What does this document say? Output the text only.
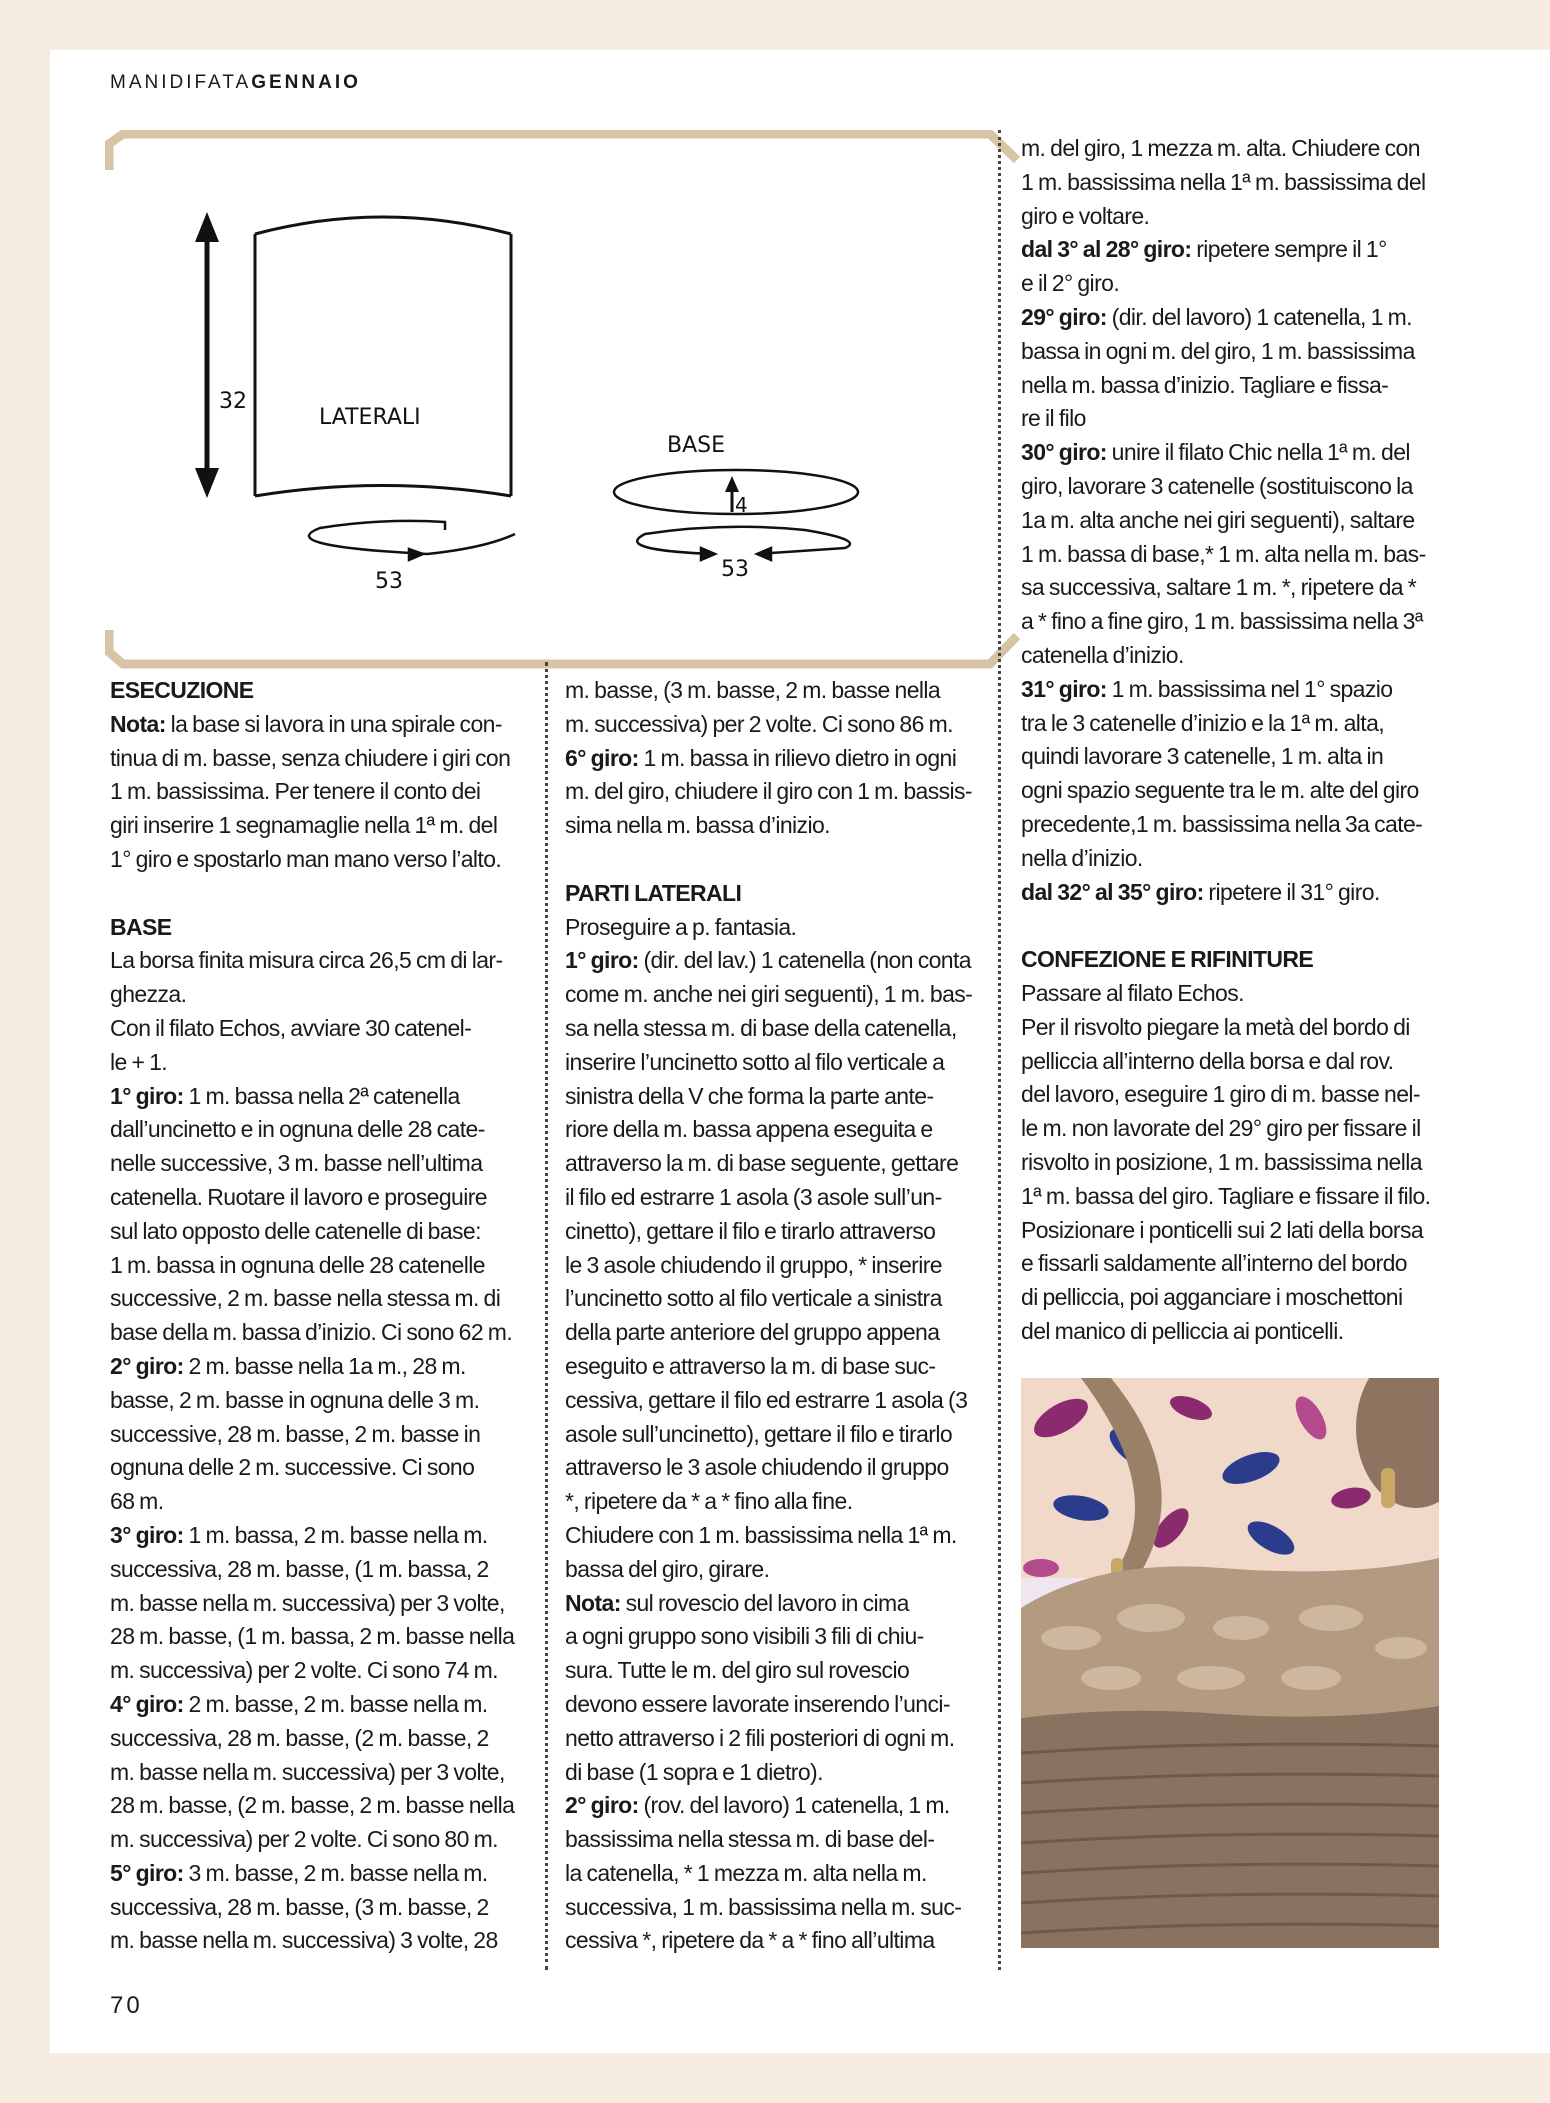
MANIDIFATAGENNAIO
32
LATERALI
53
BASE
4
53

ESECUZIONE

Nota: la base si lavora in una spirale con-

tinua di m. basse, senza chiudere i giri con

1 m. bassissima. Per tenere il conto dei

giri inserire 1 segnamaglie nella 1ª m. del

1° giro e spostarlo man mano verso l’alto.

BASE

La borsa finita misura circa 26,5 cm di lar-

ghezza.

Con il filato Echos, avviare 30 catenel-

le + 1.

1° giro: 1 m. bassa nella 2ª catenella

dall’uncinetto e in ognuna delle 28 cate-

nelle successive, 3 m. basse nell’ultima

catenella. Ruotare il lavoro e proseguire

sul lato opposto delle catenelle di base:

1 m. bassa in ognuna delle 28 catenelle

successive, 2 m. basse nella stessa m. di

base della m. bassa d’inizio. Ci sono 62 m.

2° giro: 2 m. basse nella 1a m., 28 m.

basse, 2 m. basse in ognuna delle 3 m.

successive, 28 m. basse, 2 m. basse in

ognuna delle 2 m. successive. Ci sono

68 m.

3° giro: 1 m. bassa, 2 m. basse nella m.

successiva, 28 m. basse, (1 m. bassa, 2

m. basse nella m. successiva) per 3 volte,

28 m. basse, (1 m. bassa, 2 m. basse nella

m. successiva) per 2 volte. Ci sono 74 m.

4° giro: 2 m. basse, 2 m. basse nella m.

successiva, 28 m. basse, (2 m. basse, 2

m. basse nella m. successiva) per 3 volte,

28 m. basse, (2 m. basse, 2 m. basse nella

m. successiva) per 2 volte. Ci sono 80 m.

5° giro: 3 m. basse, 2 m. basse nella m.

successiva, 28 m. basse, (3 m. basse, 2

m. basse nella m. successiva) 3 volte, 28

m. basse, (3 m. basse, 2 m. basse nella

m. successiva) per 2 volte. Ci sono 86 m.

6° giro: 1 m. bassa in rilievo dietro in ogni

m. del giro, chiudere il giro con 1 m. bassis-

sima nella m. bassa d’inizio.

PARTI LATERALI

Proseguire a p. fantasia.

1° giro: (dir. del lav.) 1 catenella (non conta

come m. anche nei giri seguenti), 1 m. bas-

sa nella stessa m. di base della catenella,

inserire l’uncinetto sotto al filo verticale a

sinistra della V che forma la parte ante-

riore della m. bassa appena eseguita e

attraverso la m. di base seguente, gettare

il filo ed estrarre 1 asola (3 asole sull’un-

cinetto), gettare il filo e tirarlo attraverso

le 3 asole chiudendo il gruppo, * inserire

l’uncinetto sotto al filo verticale a sinistra

della parte anteriore del gruppo appena

eseguito e attraverso la m. di base suc-

cessiva, gettare il filo ed estrarre 1 asola (3

asole sull’uncinetto), gettare il filo e tirarlo

attraverso le 3 asole chiudendo il gruppo

*, ripetere da * a * fino alla fine.

Chiudere con 1 m. bassissima nella 1ª m.

bassa del giro, girare.

Nota: sul rovescio del lavoro in cima

a ogni gruppo sono visibili 3 fili di chiu-

sura. Tutte le m. del giro sul rovescio

devono essere lavorate inserendo l’unci-

netto attraverso i 2 fili posteriori di ogni m.

di base (1 sopra e 1 dietro).

2° giro: (rov. del lavoro) 1 catenella, 1 m.

bassissima nella stessa m. di base del-

la catenella, * 1 mezza m. alta nella m.

successiva, 1 m. bassissima nella m. suc-

cessiva *, ripetere da * a * fino all’ultima

m. del giro, 1 mezza m. alta. Chiudere con

1 m. bassissima nella 1ª m. bassissima del

giro e voltare.

dal 3° al 28° giro: ripetere sempre il 1°

e il 2° giro.

29° giro: (dir. del lavoro) 1 catenella, 1 m.

bassa in ogni m. del giro, 1 m. bassissima

nella m. bassa d’inizio. Tagliare e fissa-

re il filo

30° giro: unire il filato Chic nella 1ª m. del

giro, lavorare 3 catenelle (sostituiscono la

1a m. alta anche nei giri seguenti), saltare

1 m. bassa di base,* 1 m. alta nella m. bas-

sa successiva, saltare 1 m. *, ripetere da *

a * fino a fine giro, 1 m. bassissima nella 3ª

catenella d’inizio.

31° giro: 1 m. bassissima nel 1° spazio

tra le 3 catenelle d’inizio e la 1ª m. alta,

quindi lavorare 3 catenelle, 1 m. alta in

ogni spazio seguente tra le m. alte del giro

precedente,1 m. bassissima nella 3a cate-

nella d’inizio.

dal 32° al 35° giro: ripetere il 31° giro.

CONFEZIONE E RIFINITURE

Passare al filato Echos.

Per il risvolto piegare la metà del bordo di

pelliccia all’interno della borsa e dal rov.

del lavoro, eseguire 1 giro di m. basse nel-

le m. non lavorate del 29° giro per fissare il

risvolto in posizione, 1 m. bassissima nella

1ª m. bassa del giro. Tagliare e fissare il filo.

Posizionare i ponticelli sui 2 lati della borsa

e fissarli saldamente all’interno del bordo

di pelliccia, poi agganciare i moschettoni

del manico di pelliccia ai ponticelli.

70
